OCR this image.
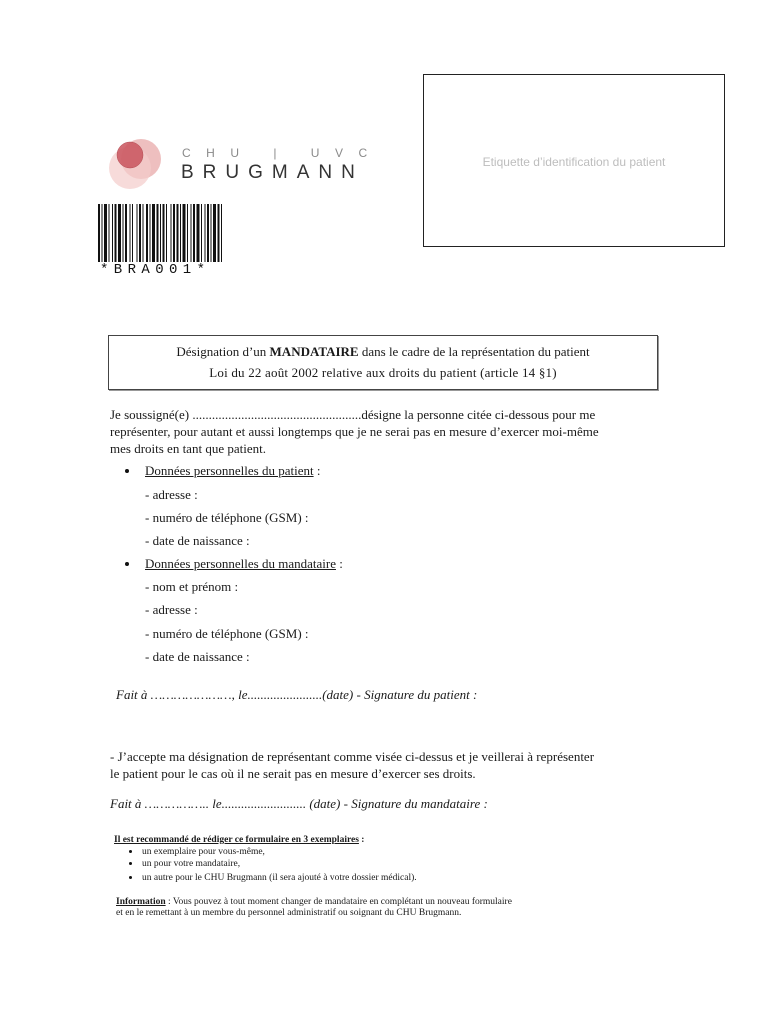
CHU | UVC
BRUGMANN
*BRA001*
Etiquette d’identification du patient
Désignation d’un MANDATAIRE dans le cadre de la représentation du patient
Loi du 22 août 2002 relative aux droits du patient (article 14 §1)
Je soussigné(e) ....................................................désigne la personne citée ci-dessous pour me
représenter, pour autant et aussi longtemps que je ne serai pas en mesure d’exercer moi-même
mes droits en tant que patient.
Données personnelles du patient :
- adresse :
- numéro de téléphone (GSM) :
- date de naissance :
Données personnelles du mandataire :
- nom et prénom :
- adresse :
- numéro de téléphone (GSM) :
- date de naissance :
Fait à …………………, le.......................(date) - Signature du patient :
- J’accepte ma désignation de représentant comme visée ci-dessus et je veillerai à représenter
le patient pour le cas où il ne serait pas en mesure d’exercer ses droits.
Fait à …………….. le.......................... (date) - Signature du mandataire :
Il est recommandé de rédiger ce formulaire en 3 exemplaires :
un exemplaire pour vous-même,
un pour votre mandataire,
un autre pour le CHU Brugmann (il sera ajouté à votre dossier médical).
Information : Vous pouvez à tout moment changer de mandataire en complétant un nouveau formulaire
et en le remettant à un membre du personnel administratif ou soignant du CHU Brugmann.
